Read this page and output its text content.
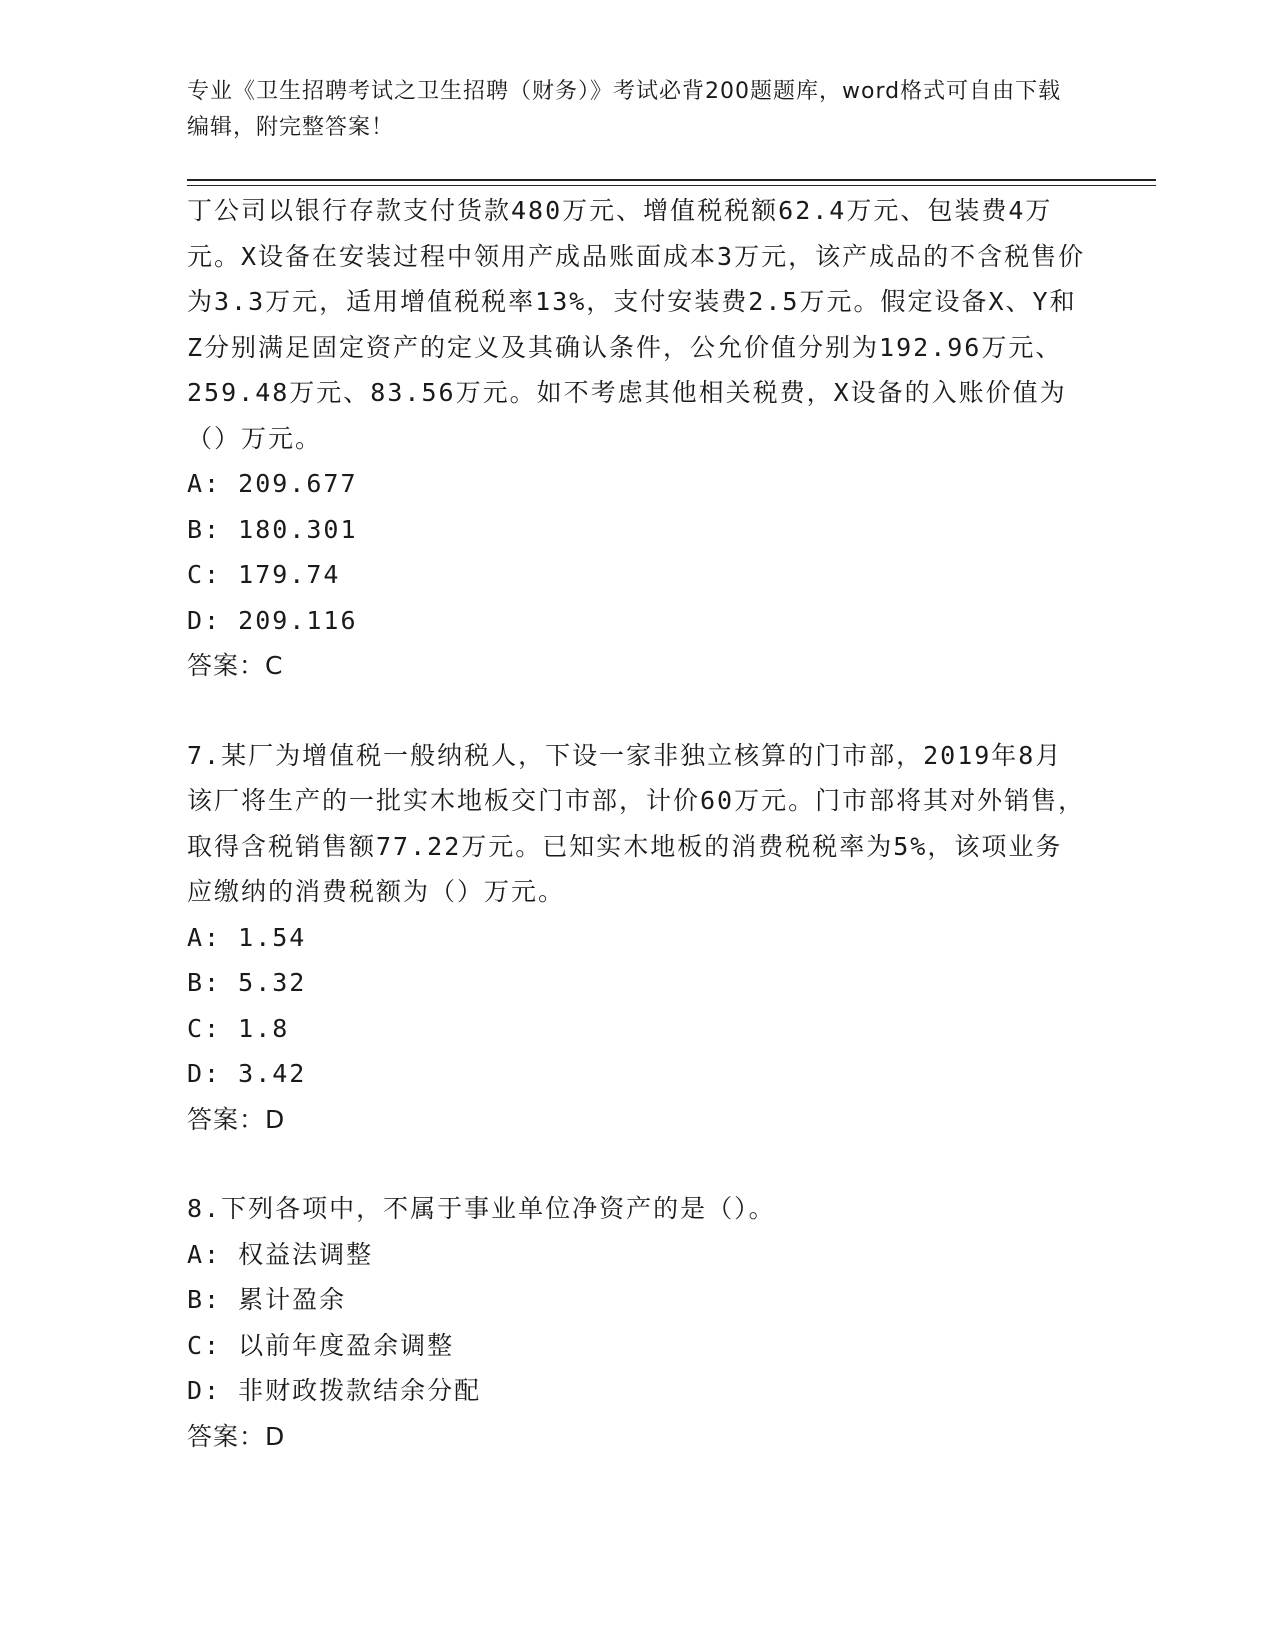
专业《卫生招聘考试之卫生招聘（财务）》考试必背200题题库，word格式可自由下载编辑，附完整答案！

丁公司以银行存款支付货款480万元、增值税税额62.4万元、包装费4万元。X设备在安装过程中领用产成品账面成本3万元，该产成品的不含税售价为3.3万元，适用增值税税率13%，支付安装费2.5万元。假定设备X、Y和Z分别满足固定资产的定义及其确认条件，公允价值分别为192.96万元、259.48万元、83.56万元。如不考虑其他相关税费，X设备的入账价值为（）万元。

A: 209.677

B: 180.301

C: 179.74

D: 209.116

答案：C

7.某厂为增值税一般纳税人，下设一家非独立核算的门市部，2019年8月该厂将生产的一批实木地板交门市部，计价60万元。门市部将其对外销售，取得含税销售额77.22万元。已知实木地板的消费税税率为5%，该项业务应缴纳的消费税额为（）万元。

A: 1.54

B: 5.32

C: 1.8

D: 3.42

答案：D

8.下列各项中，不属于事业单位净资产的是（）。

A: 权益法调整

B: 累计盈余

C: 以前年度盈余调整

D: 非财政拨款结余分配

答案：D
